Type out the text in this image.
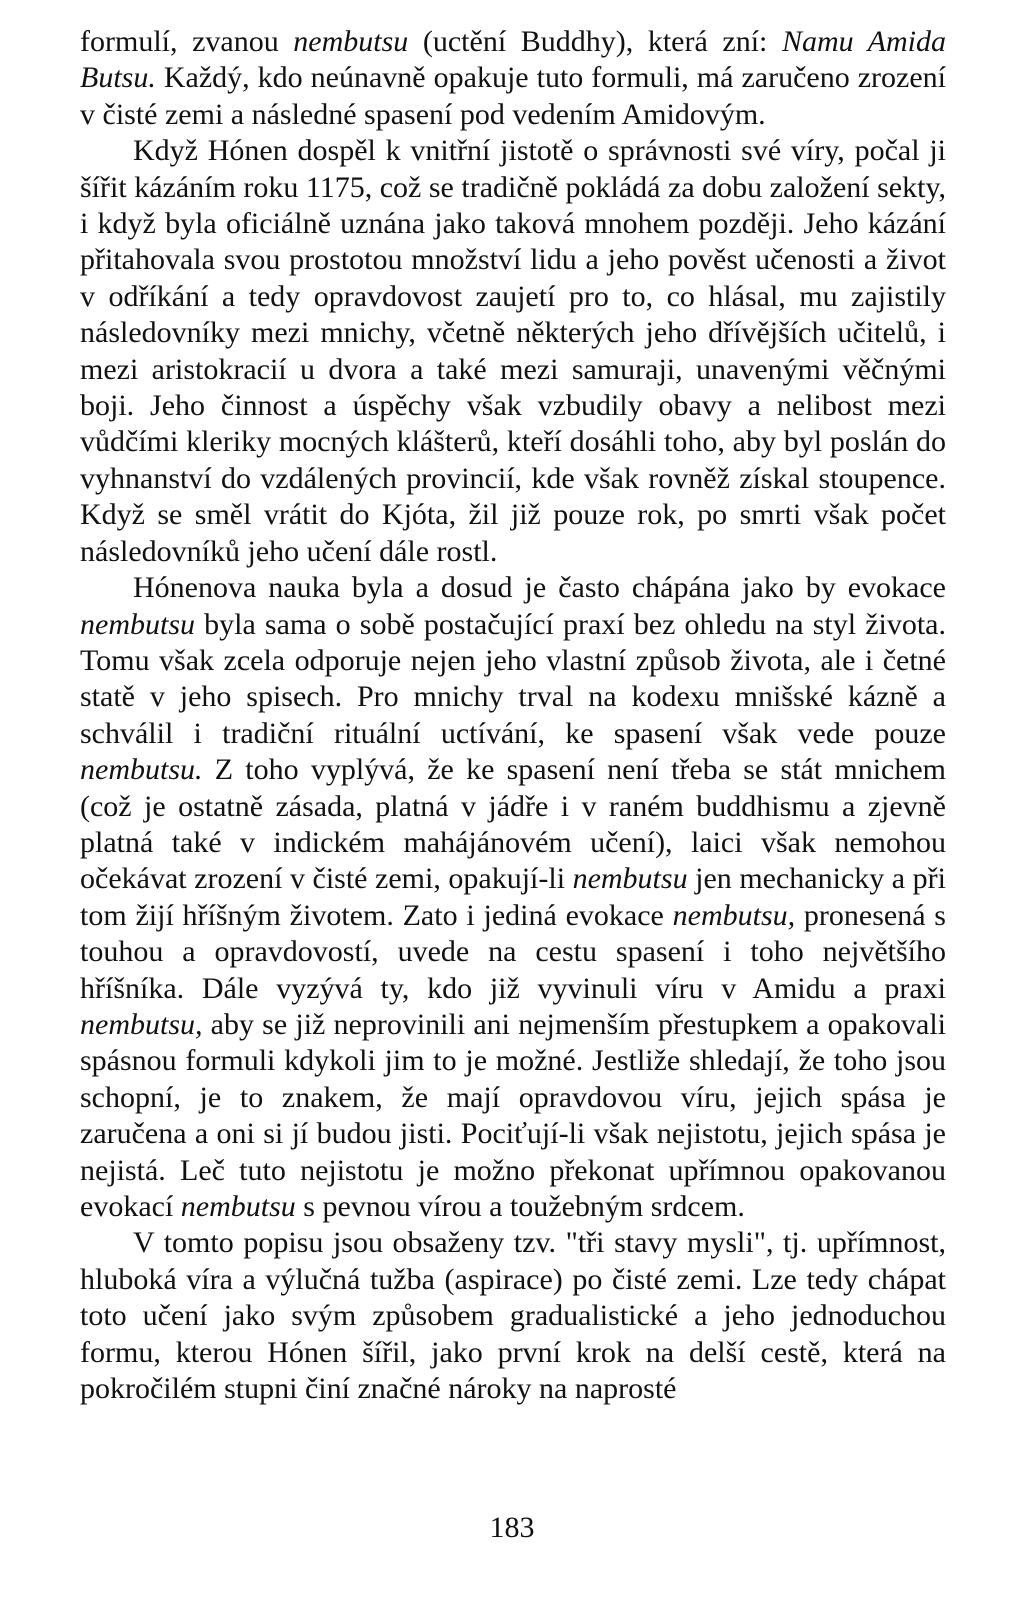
formulí, zvanou nembutsu (uctění Buddhy), která zní: Namu Amida Butsu. Každý, kdo neúnavně opakuje tuto formuli, má zaručeno zrození v čisté zemi a následné spasení pod vedením Amidovým.

Když Hónen dospěl k vnitřní jistotě o správnosti své víry, počal ji šířit kázáním roku 1175, což se tradičně pokládá za dobu založení sekty, i když byla oficiálně uznána jako taková mnohem později. Jeho kázání přitahovala svou prostotou množství lidu a jeho pověst učenosti a život v odříkání a tedy opravdovost zaujetí pro to, co hlásal, mu zajistily následovníky mezi mnichy, včetně některých jeho dřívějších učitelů, i mezi aristokracií u dvora a také mezi samuraji, unavenými věčnými boji. Jeho činnost a úspěchy však vzbudily obavy a nelibost mezi vůdčími kleriky mocných klášterů, kteří dosáhli toho, aby byl poslán do vyhnanství do vzdálených provincií, kde však rovněž získal stoupence. Když se směl vrátit do Kjóta, žil již pouze rok, po smrti však počet následovníků jeho učení dále rostl.

Hónenova nauka byla a dosud je často chápána jako by evokace nembutsu byla sama o sobě postačující praxí bez ohledu na styl života. Tomu však zcela odporuje nejen jeho vlastní způsob života, ale i četné statě v jeho spisech. Pro mnichy trval na kodexu mnišské kázně a schválil i tradiční rituální uctívání, ke spasení však vede pouze nembutsu. Z toho vyplývá, že ke spasení není třeba se stát mnichem (což je ostatně zásada, platná v jádře i v raném buddhismu a zjevně platná také v indickém mahájánovém učení), laici však nemohou očekávat zrození v čisté zemi, opakují-li nembutsu jen mechanicky a při tom žijí hříšným životem. Zato i jediná evokace nembutsu, pronesená s touhou a opravdovostí, uvede na cestu spasení i toho největšího hříšníka. Dále vyzývá ty, kdo již vyvinuli víru v Amidu a praxi nembutsu, aby se již neprovinili ani nejmenším přestupkem a opakovali spásnou formuli kdykoli jim to je možné. Jestliže shledají, že toho jsou schopní, je to znakem, že mají opravdovou víru, jejich spása je zaručena a oni si jí budou jisti. Pociťují-li však nejistotu, jejich spása je nejistá. Leč tuto nejistotu je možno překonat upřímnou opakovanou evokací nembutsu s pevnou vírou a toužebným srdcem.

V tomto popisu jsou obsaženy tzv. "tři stavy mysli", tj. upřímnost, hluboká víra a výlučná tužba (aspirace) po čisté zemi. Lze tedy chápat toto učení jako svým způsobem gradualistické a jeho jednoduchou formu, kterou Hónen šířil, jako první krok na delší cestě, která na pokročilém stupni činí značné nároky na naprosté

183
